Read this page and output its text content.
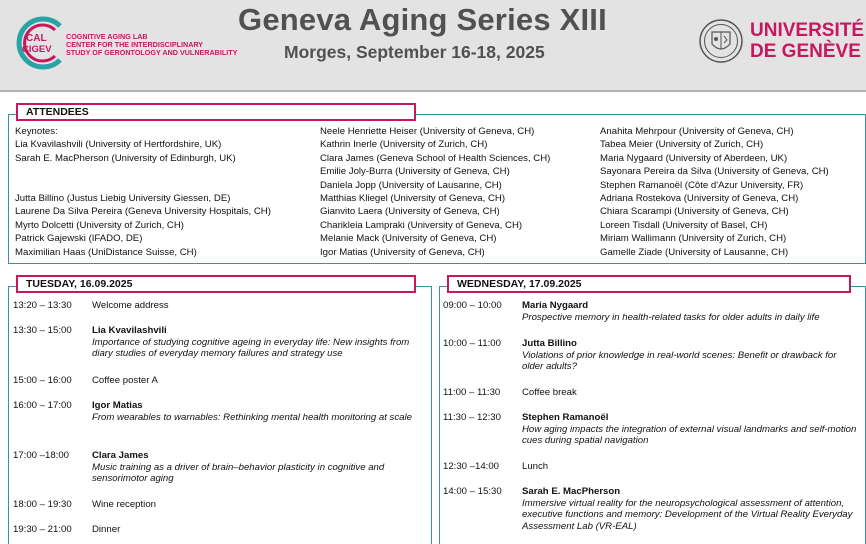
CAL
CIGEV
COGNITIVE AGING LAB
CENTER FOR THE INTERDISCIPLINARY
STUDY OF GERONTOLOGY AND VULNERABILITY
Geneva Aging Series XIII
Morges, September 16-18, 2025
UNIVERSITÉ
DE GENÈVE
ATTENDEES
Keynotes:
Lia Kvavilashvili (University of Hertfordshire, UK)
Sarah E. MacPherson (University of Edinburgh, UK)
Jutta Billino (Justus Liebig University Giessen, DE)
Laurene Da Silva Pereira (Geneva University Hospitals, CH)
Myrto Dolcetti (University of Zurich, CH)
Patrick Gajewski (IFADO, DE)
Maximilian Haas (UniDistance Suisse, CH)
Neele Henriette Heiser (University of Geneva, CH)
Kathrin Inerle (University of Zurich, CH)
Clara James (Geneva School of Health Sciences, CH)
Emilie Joly-Burra (University of Geneva, CH)
Daniela Jopp (University of Lausanne, CH)
Matthias Kliegel (University of Geneva, CH)
Gianvito Laera (University of Geneva, CH)
Charikleia Lampraki (University of Geneva, CH)
Melanie Mack (University of Geneva, CH)
Igor Matias (University of Geneva, CH)
Anahita Mehrpour (University of Geneva, CH)
Tabea Meier (University of Zurich, CH)
Maria Nygaard (University of Aberdeen, UK)
Sayonara Pereira da Silva (University of Geneva, CH)
Stephen Ramanoël (Côte d'Azur University, FR)
Adriana Rostekova (University of Geneva, CH)
Chiara Scarampi (University of Geneva, CH)
Loreen Tisdall (University of Basel, CH)
Miriam Wallimann (University of Zurich, CH)
Gamelle Ziade (University of Lausanne, CH)
TUESDAY, 16.09.2025
13:20 – 13:30 Welcome address
13:30 – 15:00 Lia Kvavilashvili
Importance of studying cognitive ageing in everyday life: New insights from diary studies of everyday memory failures and strategy use
15:00 – 16:00 Coffee poster A
16:00 – 17:00 Igor Matias
From wearables to warnables: Rethinking mental health monitoring at scale
17:00 –18:00 Clara James
Music training as a driver of brain–behavior plasticity in cognitive and sensorimotor aging
18:00 – 19:30 Wine reception
19:30 – 21:00 Dinner
WEDNESDAY, 17.09.2025
09:00 – 10:00 Maria Nygaard
Prospective memory in health-related tasks for older adults in daily life
10:00 – 11:00 Jutta Billino
Violations of prior knowledge in real-world scenes: Benefit or drawback for older adults?
11:00 – 11:30 Coffee break
11:30 – 12:30 Stephen Ramanoël
How aging impacts the integration of external visual landmarks and self-motion cues during spatial navigation
12:30 –14:00 Lunch
14:00 – 15:30 Sarah E. MacPherson
Immersive virtual reality for the neuropsychological assessment of attention, executive functions and memory: Development of the Virtual Reality Everyday Assessment Lab (VR-EAL)
